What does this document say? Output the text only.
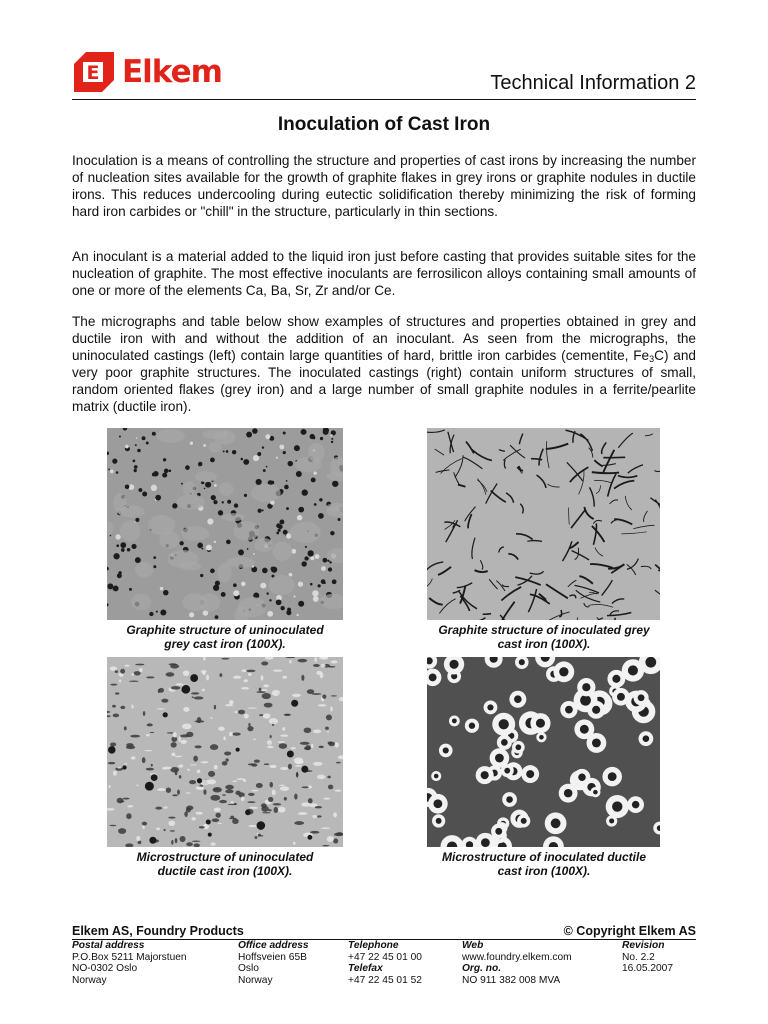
E Elkem	Technical Information 2
Inoculation of Cast Iron

Inoculation is a means of controlling the structure and properties of cast irons by increasing the number of nucleation sites available for the growth of graphite flakes in grey irons or graphite nodules in ductile irons. This reduces undercooling during eutectic solidification thereby minimizing the risk of forming hard iron carbides or "chill" in the structure, particularly in thin sections.

An inoculant is a material added to the liquid iron just before casting that provides suitable sites for the nucleation of graphite. The most effective inoculants are ferrosilicon alloys containing small amounts of one or more of the elements Ca, Ba, Sr, Zr and/or Ce.

The micrographs and table below show examples of structures and properties obtained in grey and ductile iron with and without the addition of an inoculant. As seen from the micrographs, the uninoculated castings (left) contain large quantities of hard, brittle iron carbides (cementite, $Fe_3C$) and very poor graphite structures. The inoculated castings (right) contain uniform structures of small, random oriented flakes (grey iron) and a large number of small graphite nodules in a ferrite/pearlite matrix (ductile iron).

Graphite structure of uninoculated
grey cast iron (100X).
Graphite structure of inoculated grey
cast iron (100X).
Microstructure of uninoculated
ductile cast iron (100X).
Microstructure of inoculated ductile
cast iron (100X).
Elkem AS, Foundry Products	© Copyright Elkem AS
Postal address
P.O.Box 5211 Majorstuen
NO-0302 Oslo
Norway
Office address
Hoffsveien 65B
Oslo
Norway
Telephone
+47 22 45 01 00
Telefax
+47 22 45 01 52
Web
www.foundry.elkem.com
Org. no.
NO 911 382 008 MVA
Revision
No. 2.2
16.05.2007
